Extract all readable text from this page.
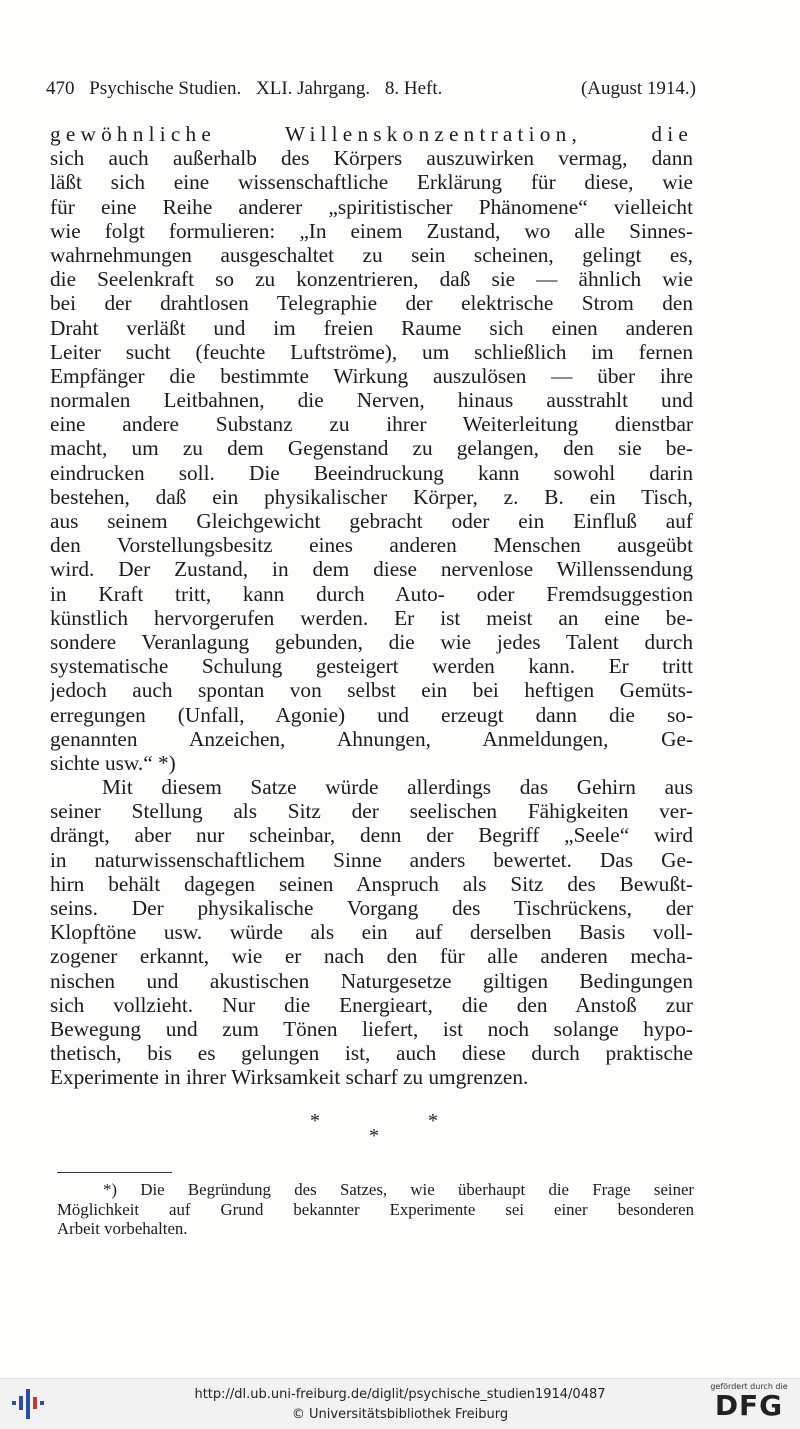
470 Psychische Studien. XLI. Jahrgang. 8. Heft.	(August 1914.)
gewöhnliche Willenskonzentration, die
sich auch außerhalb des Körpers auszuwirken vermag, dann
läßt sich eine wissenschaftliche Erklärung für diese, wie
für eine Reihe anderer „spiritistischer Phänomene“ vielleicht
wie folgt formulieren: „In einem Zustand, wo alle Sinnes-
wahrnehmungen ausgeschaltet zu sein scheinen, gelingt es,
die Seelenkraft so zu konzentrieren, daß sie — ähnlich wie
bei der drahtlosen Telegraphie der elektrische Strom den
Draht verläßt und im freien Raume sich einen anderen
Leiter sucht (feuchte Luftströme), um schließlich im fernen
Empfänger die bestimmte Wirkung auszulösen — über ihre
normalen Leitbahnen, die Nerven, hinaus ausstrahlt und
eine andere Substanz zu ihrer Weiterleitung dienstbar
macht, um zu dem Gegenstand zu gelangen, den sie be-
eindrucken soll. Die Beeindruckung kann sowohl darin
bestehen, daß ein physikalischer Körper, z. B. ein Tisch,
aus seinem Gleichgewicht gebracht oder ein Einfluß auf
den Vorstellungsbesitz eines anderen Menschen ausgeübt
wird. Der Zustand, in dem diese nervenlose Willenssendung
in Kraft tritt, kann durch Auto- oder Fremdsuggestion
künstlich hervorgerufen werden. Er ist meist an eine be-
sondere Veranlagung gebunden, die wie jedes Talent durch
systematische Schulung gesteigert werden kann. Er tritt
jedoch auch spontan von selbst ein bei heftigen Gemüts-
erregungen (Unfall, Agonie) und erzeugt dann die so-
genannten Anzeichen, Ahnungen, Anmeldungen, Ge-
sichte usw.“ *)
Mit diesem Satze würde allerdings das Gehirn aus
seiner Stellung als Sitz der seelischen Fähigkeiten ver-
drängt, aber nur scheinbar, denn der Begriff „Seele“ wird
in naturwissenschaftlichem Sinne anders bewertet. Das Ge-
hirn behält dagegen seinen Anspruch als Sitz des Bewußt-
seins. Der physikalische Vorgang des Tischrückens, der
Klopftöne usw. würde als ein auf derselben Basis voll-
zogener erkannt, wie er nach den für alle anderen mecha-
nischen und akustischen Naturgesetze giltigen Bedingungen
sich vollzieht. Nur die Energieart, die den Anstoß zur
Bewegung und zum Tönen liefert, ist noch solange hypo-
thetisch, bis es gelungen ist, auch diese durch praktische
Experimente in ihrer Wirksamkeit scharf zu umgrenzen.
*	*
*
*) Die Begründung des Satzes, wie überhaupt die Frage seiner
Möglichkeit auf Grund bekannter Experimente sei einer besonderen
Arbeit vorbehalten.
http://dl.ub.uni-freiburg.de/diglit/psychische_studien1914/0487
© Universitätsbibliothek Freiburg
gefördert durch die
DFG
